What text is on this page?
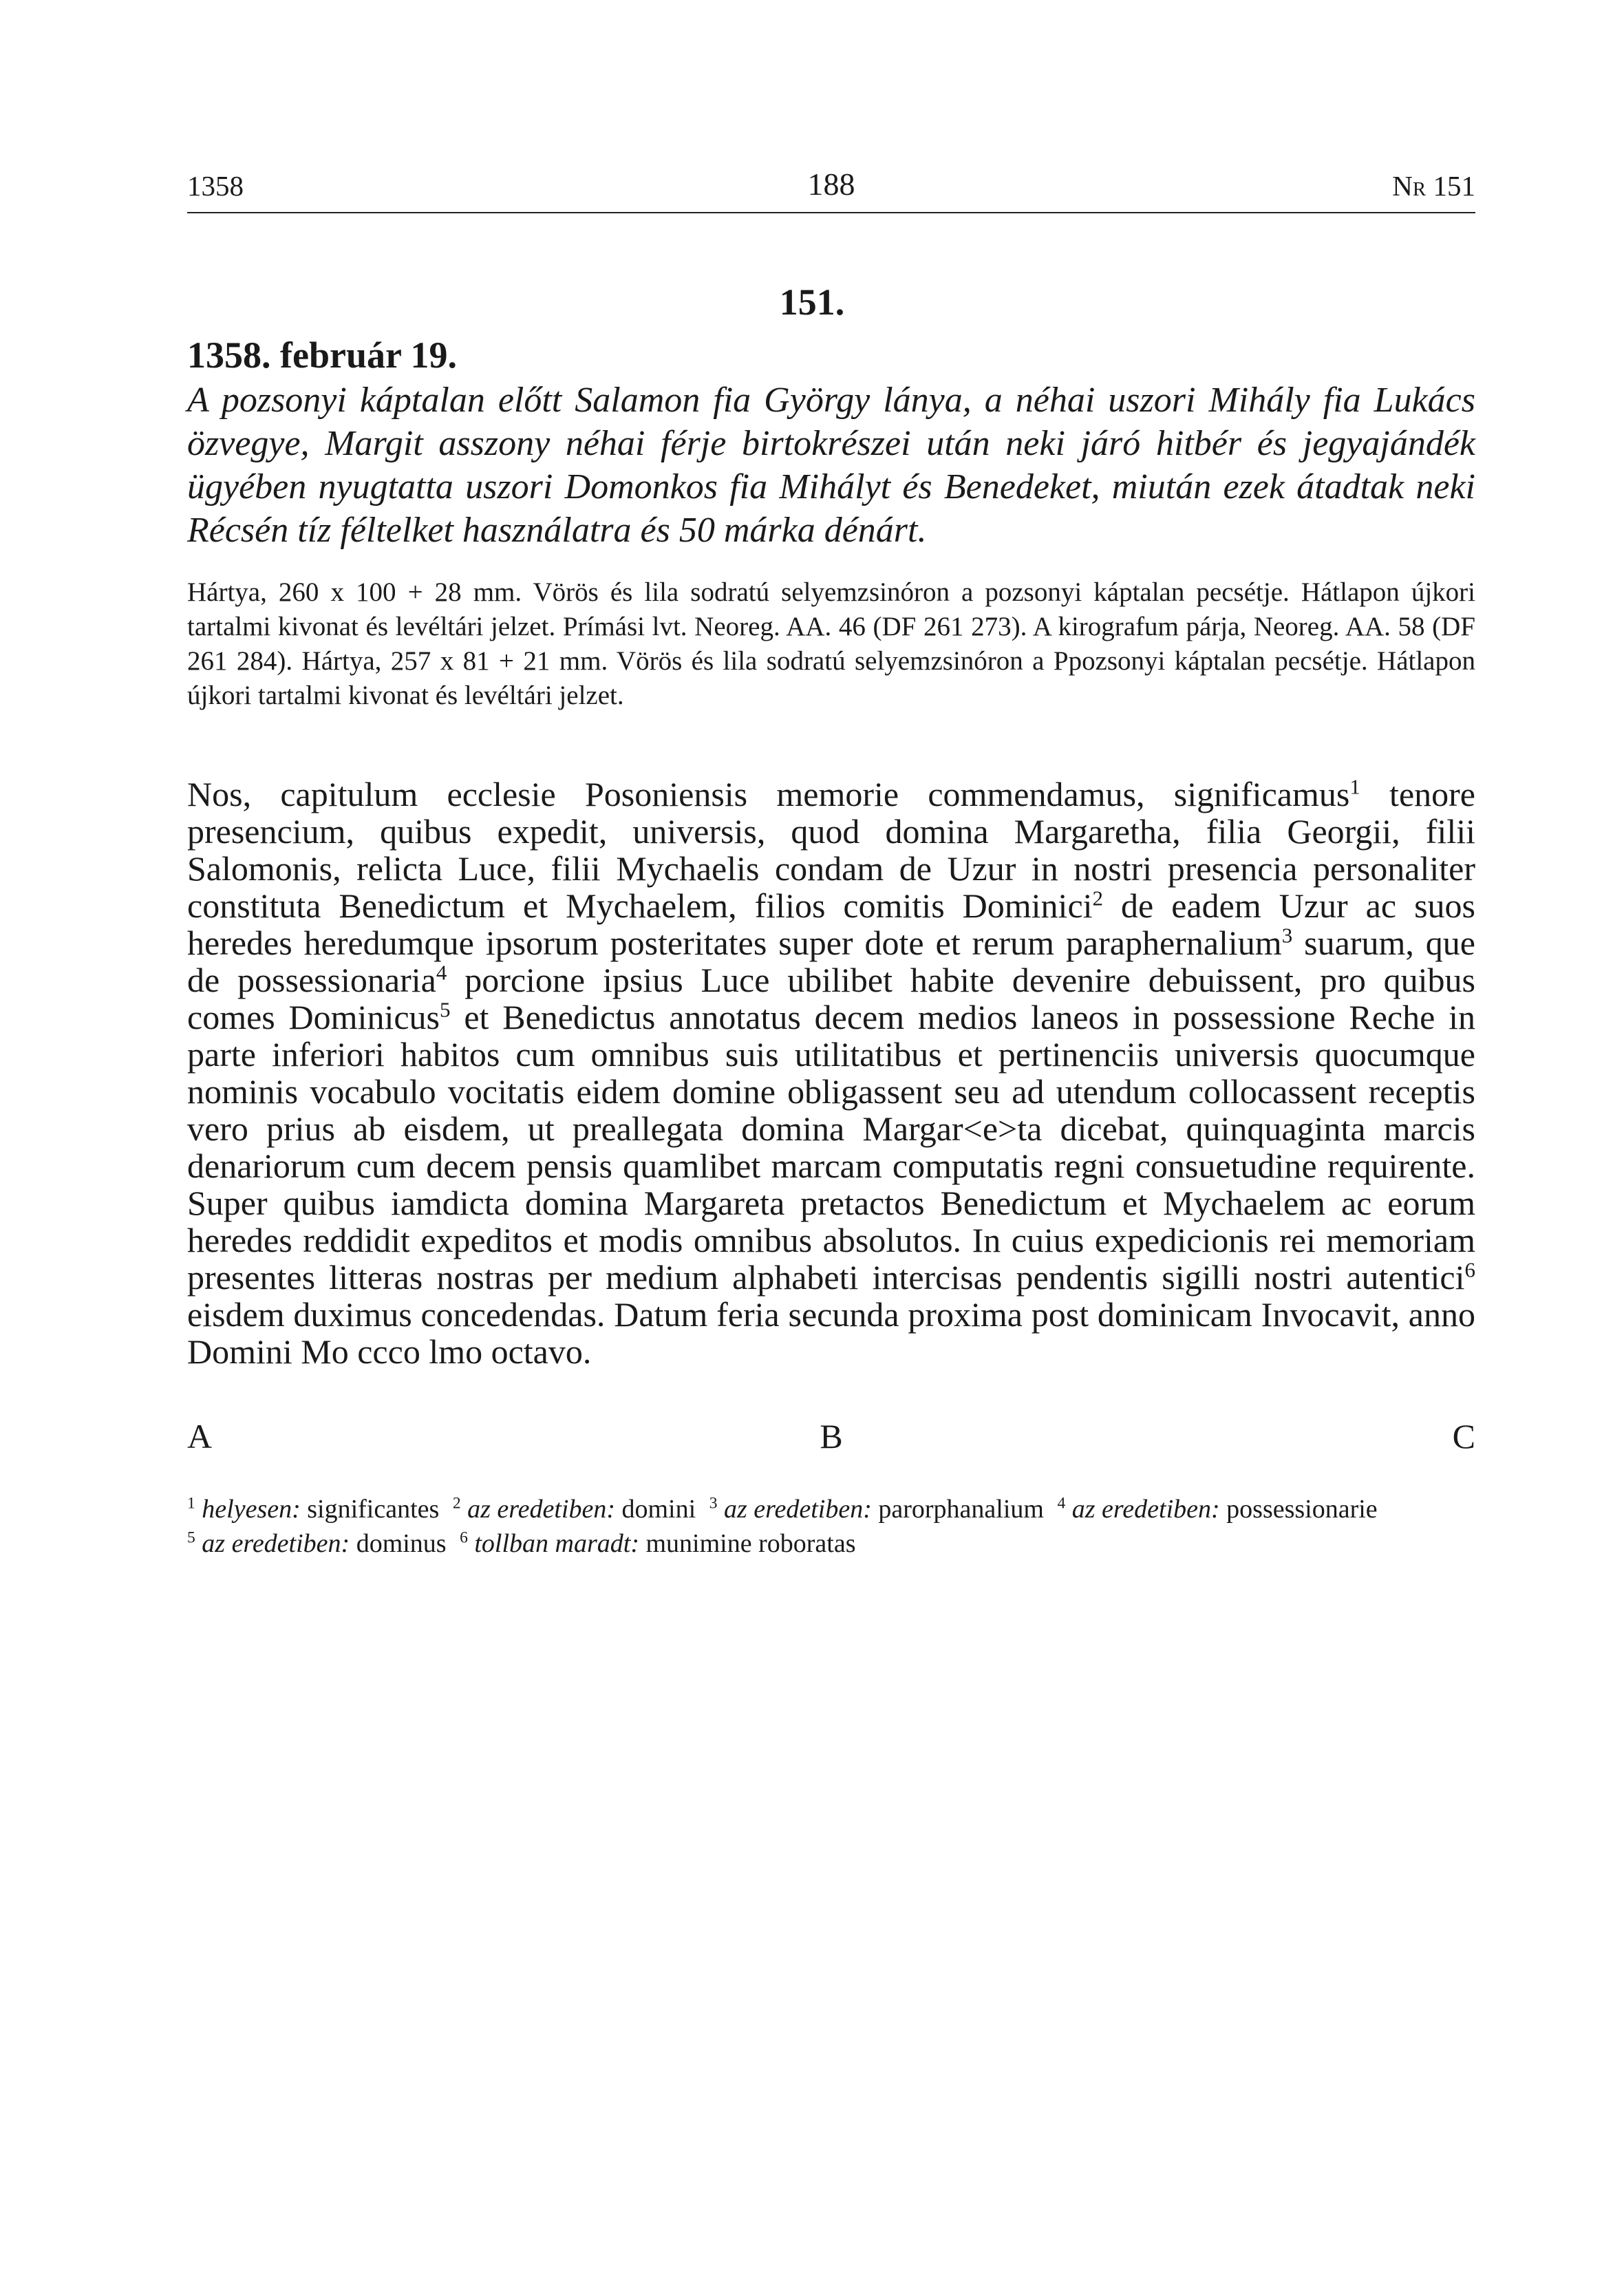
1358	188	Nr 151
151.
1358. február 19.

A pozsonyi káptalan előtt Salamon fia György lánya, a néhai uszori Mihály fia Lukács özvegye, Margit asszony néhai férje birtokrészei után neki járó hitbér és jegyajándék ügyében nyugtatta uszori Domonkos fia Mihályt és Benedeket, miután ezek átadtak neki Récsén tíz féltelket használatra és 50 márka dénárt.

Hártya, 260 x 100 + 28 mm. Vörös és lila sodratú selyemzsinóron a pozsonyi káptalan pecsétje. Hátlapon újkori tartalmi kivonat és levéltári jelzet. Prímási lvt. Neoreg. AA. 46 (DF 261 273). A kirografum párja, Neoreg. AA. 58 (DF 261 284). Hártya, 257 x 81 + 21 mm. Vörös és lila sodratú selyemzsinóron a Ppozsonyi káptalan pecsétje. Hátlapon újkori tartalmi kivonat és levéltári jelzet.

Nos, capitulum ecclesie Posoniensis memorie commendamus, significamus$^1$ tenore presencium, quibus expedit, universis, quod domina Margaretha, filia Georgii, filii Salomonis, relicta Luce, filii Mychaelis condam de Uzur in nostri presencia personaliter constituta Benedictum et Mychaelem, filios comitis Dominici$^2$ de eadem Uzur ac suos heredes heredumque ipsorum posteritates super dote et rerum paraphernalium$^3$ suarum, que de possessionaria$^4$ porcione ipsius Luce ubilibet habite devenire debuissent, pro quibus comes Dominicus$^5$ et Benedictus annotatus decem medios laneos in possessione Reche in parte inferiori habitos cum omnibus suis utilitatibus et pertinenciis universis quocumque nominis vocabulo vocitatis eidem domine obligassent seu ad utendum collocassent receptis vero prius ab eisdem, ut preallegata domina Margar<e>ta dicebat, quinquaginta marcis denariorum cum decem pensis quamlibet marcam computatis regni consuetudine requirente. Super quibus iamdicta domina Margareta pretactos Benedictum et Mychaelem ac eorum heredes reddidit expeditos et modis omnibus absolutos. In cuius expedicionis rei memoriam presentes litteras nostras per medium alphabeti intercisas pendentis sigilli nostri autentici$^6$ eisdem duximus concedendas. Datum feria secunda proxima post dominicam Invocavit, anno Domini Mo ccco lmo octavo.

A	B	C
$^1$ helyesen: significantes $^2$ az eredetiben: domini $^3$ az eredetiben: parorphanalium $^4$ az eredetiben: possessionarie
$^5$ az eredetiben: dominus $^6$ tollban maradt: munimine roboratas
